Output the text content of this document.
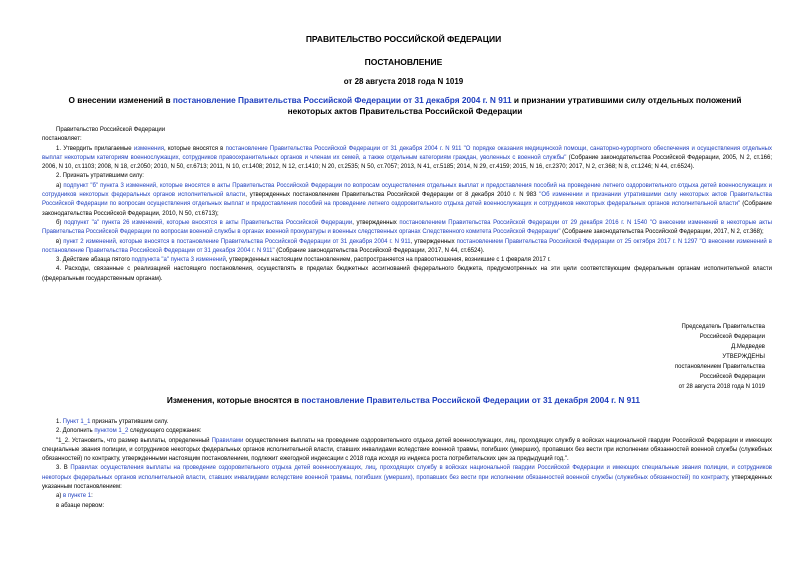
ПРАВИТЕЛЬСТВО РОССИЙСКОЙ ФЕДЕРАЦИИ
ПОСТАНОВЛЕНИЕ
от 28 августа 2018 года N 1019
О внесении изменений в постановление Правительства Российской Федерации от 31 декабря 2004 г. N 911 и признании утратившими силу отдельных положений некоторых актов Правительства Российской Федерации

Правительство Российской Федерации

постановляет:

1. Утвердить прилагаемые изменения, которые вносятся в постановление Правительства Российской Федерации от 31 декабря 2004 г. N 911 "О порядке оказания медицинской помощи, санаторно-курортного обеспечения и осуществления отдельных выплат некоторым категориям военнослужащих, сотрудников правоохранительных органов и членам их семей, а также отдельным категориям граждан, уволенных с военной службы" (Собрание законодательства Российской Федерации, 2005, N 2, ст.166; 2006, N 10, ст.1103; 2008, N 18, ст.2050; 2010, N 50, ст.6713; 2011, N 10, ст.1408; 2012, N 12, ст.1410; N 20, ст.2535; N 50, ст.7057; 2013, N 41, ст.5185; 2014, N 29, ст.4159; 2015, N 16, ст.2370; 2017, N 2, ст.368; N 8, ст.1246; N 44, ст.6524).

2. Признать утратившими силу:

а) подпункт "б" пункта 3 изменений, которые вносятся в акты Правительства Российской Федерации по вопросам осуществления отдельных выплат и предоставления пособий на проведение летнего оздоровительного отдыха детей военнослужащих и сотрудников некоторых федеральных органов исполнительной власти, утвержденных постановлением Правительства Российской Федерации от 8 декабря 2010 г. N 983 "Об изменении и признании утратившими силу некоторых актов Правительства Российской Федерации по вопросам осуществления отдельных выплат и предоставления пособий на проведение летнего оздоровительного отдыха детей военнослужащих и сотрудников некоторых федеральных органов исполнительной власти" (Собрание законодательства Российской Федерации, 2010, N 50, ст.6713);

б) подпункт "а" пункта 26 изменений, которые вносятся в акты Правительства Российской Федерации, утвержденных постановлением Правительства Российской Федерации от 29 декабря 2016 г. N 1540 "О внесении изменений в некоторые акты Правительства Российской Федерации по вопросам военной службы в органах военной прокуратуры и военных следственных органах Следственного комитета Российской Федерации" (Собрание законодательства Российской Федерации, 2017, N 2, ст.368);

в) пункт 2 изменений, которые вносятся в постановление Правительства Российской Федерации от 31 декабря 2004 г. N 911, утвержденных постановлением Правительства Российской Федерации от 25 октября 2017 г. N 1297 "О внесении изменений в постановление Правительства Российской Федерации от 31 декабря 2004 г. N 911" (Собрание законодательства Российской Федерации, 2017, N 44, ст.6524).

3. Действие абзаца пятого подпункта "а" пункта 3 изменений, утвержденных настоящим постановлением, распространяется на правоотношения, возникшие с 1 февраля 2017 г.

4. Расходы, связанные с реализацией настоящего постановления, осуществлять в пределах бюджетных ассигнований федерального бюджета, предусмотренных на эти цели соответствующим федеральным органам исполнительной власти (федеральным государственным органам).

Председатель Правительства
Российской Федерации
Д.Медведев
УТВЕРЖДЕНЫ
постановлением Правительства
Российской Федерации
от 28 августа 2018 года N 1019
Изменения, которые вносятся в постановление Правительства Российской Федерации от 31 декабря 2004 г. N 911

1. Пункт 1_1 признать утратившим силу.

2. Дополнить пунктом 1_2 следующего содержания:

"1_2. Установить, что размер выплаты, определенный Правилами осуществления выплаты на проведение оздоровительного отдыха детей военнослужащих, лиц, проходящих службу в войсках национальной гвардии Российской Федерации и имеющих специальные звания полиции, и сотрудников некоторых федеральных органов исполнительной власти, ставших инвалидами вследствие военной травмы, погибших (умерших), пропавших без вести при исполнении обязанностей военной службы (служебных обязанностей) по контракту, утвержденными настоящим постановлением, подлежит ежегодной индексации с 2018 года исходя из индекса роста потребительских цен за предыдущий год.".

3. В Правилах осуществления выплаты на проведение оздоровительного отдыха детей военнослужащих, лиц, проходящих службу в войсках национальной гвардии Российской Федерации и имеющих специальные звания полиции, и сотрудников некоторых федеральных органов исполнительной власти, ставших инвалидами вследствие военной травмы, погибших (умерших), пропавших без вести при исполнении обязанностей военной службы (служебных обязанностей) по контракту, утвержденных указанным постановлением:

а) в пункте 1:

в абзаце первом:
